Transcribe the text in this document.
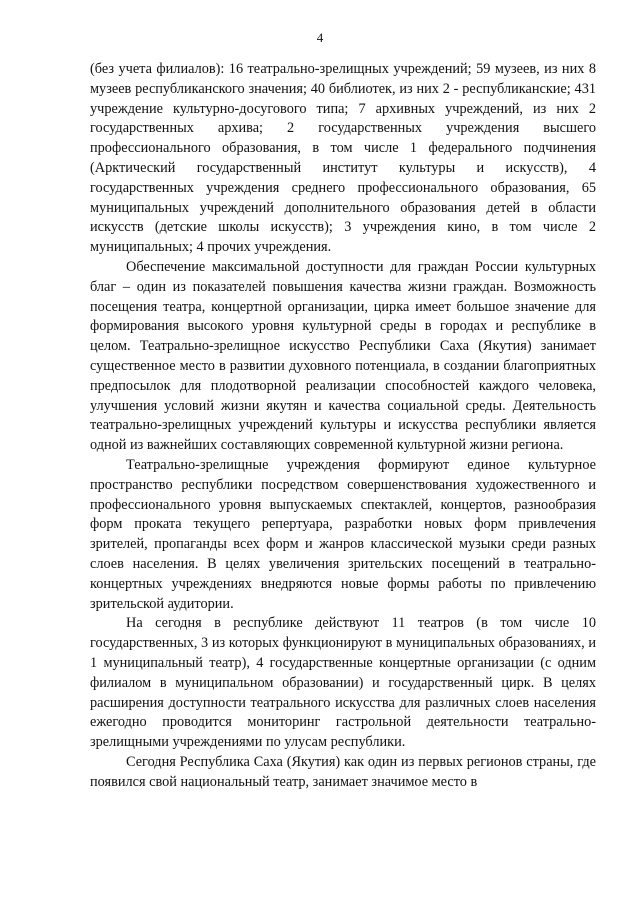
4

(без учета филиалов): 16 театрально-зрелищных учреждений; 59 музеев, из них 8 музеев республиканского значения; 40 библиотек, из них 2 - республиканские; 431 учреждение культурно-досугового типа; 7 архивных учреждений, из них 2 государственных архива; 2 государственных учреждения высшего профессионального образования, в том числе 1 федерального подчинения (Арктический государственный институт культуры и искусств), 4 государственных учреждения среднего профессионального образования, 65 муниципальных учреждений дополнительного образования детей в области искусств (детские школы искусств); 3 учреждения кино, в том числе 2 муниципальных; 4 прочих учреждения.

Обеспечение максимальной доступности для граждан России культурных благ – один из показателей повышения качества жизни граждан. Возможность посещения театра, концертной организации, цирка имеет большое значение для формирования высокого уровня культурной среды в городах и республике в целом. Театрально-зрелищное искусство Республики Саха (Якутия) занимает существенное место в развитии духовного потенциала, в создании благоприятных предпосылок для плодотворной реализации способностей каждого человека, улучшения условий жизни якутян и качества социальной среды. Деятельность театрально-зрелищных учреждений культуры и искусства республики является одной из важнейших составляющих современной культурной жизни региона.

Театрально-зрелищные учреждения формируют единое культурное пространство республики посредством совершенствования художественного и профессионального уровня выпускаемых спектаклей, концертов, разнообразия форм проката текущего репертуара, разработки новых форм привлечения зрителей, пропаганды всех форм и жанров классической музыки среди разных слоев населения. В целях увеличения зрительских посещений в театрально-концертных учреждениях внедряются новые формы работы по привлечению зрительской аудитории.

На сегодня в республике действуют 11 театров (в том числе 10 государственных, 3 из которых функционируют в муниципальных образованиях, и 1 муниципальный театр), 4 государственные концертные организации (с одним филиалом в муниципальном образовании) и государственный цирк. В целях расширения доступности театрального искусства для различных слоев населения ежегодно проводится мониторинг гастрольной деятельности театрально-зрелищными учреждениями по улусам республики.

Сегодня Республика Саха (Якутия) как один из первых регионов страны, где появился свой национальный театр, занимает значимое место в
